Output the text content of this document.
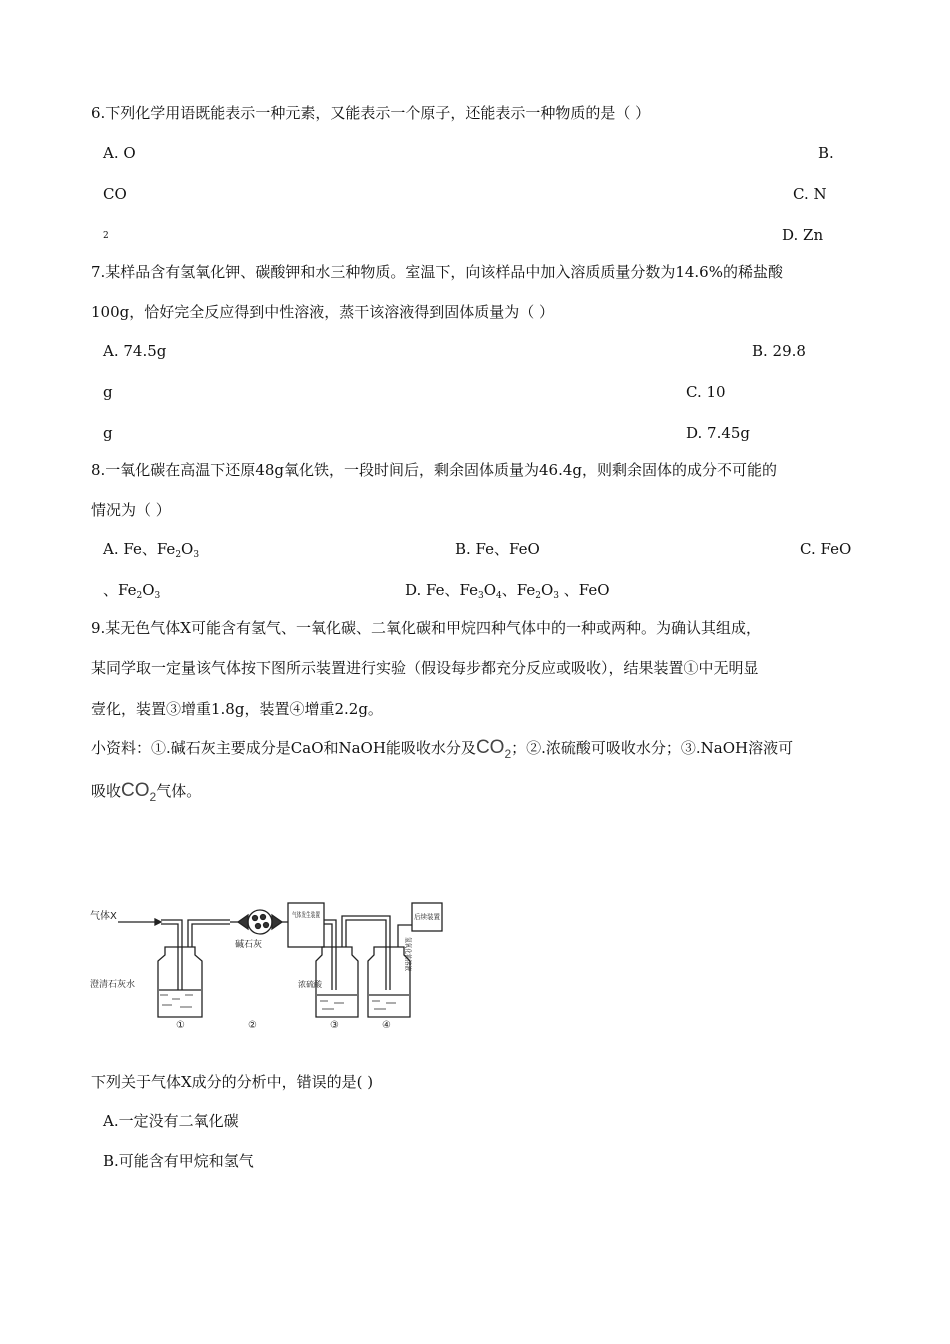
6.下列化学用语既能表示一种元素，又能表示一个原子，还能表示一种物质的是（ ）
A. O	B.
CO	C. N
2	D. Zn
7.某样品含有氢氧化钾、碳酸钾和水三种物质。室温下，向该样品中加入溶质质量分数为14.6%的稀盐酸
100g，恰好完全反应得到中性溶液，蒸干该溶液得到固体质量为（ ）
A. 74.5g	B. 29.8
g	C. 10
g	D. 7.45g
8.一氧化碳在高温下还原48g氧化铁，一段时间后，剩余固体质量为46.4g，则剩余固体的成分不可能的
情况为（ ）
A. Fe、$Fe_2O_3$	B. Fe、FeO	C. FeO
、$Fe_2O_3$	D. Fe、$Fe_3O_4$、$Fe_2O_3$ 、FeO
9.某无色气体X可能含有氢气、一氧化碳、二氧化碳和甲烷四种气体中的一种或两种。为确认其组成，
某同学取一定量该气体按下图所示装置进行实验（假设每步都充分反应或吸收），结果装置①中无明显
壹化，装置③增重1.8g，装置④增重2.2g。
小资料：①.碱石灰主要成分是CaO和NaOH能吸收水分及$CO_2$；②.浓硫酸可吸收水分；③.NaOH溶液可
吸收$CO_2$气体。
气体X
澄清石灰水
碱石灰
气体发生装置	后续装置
浓硫酸
氢氧化钠溶液
①	②	③	④
下列关于气体X成分的分析中，错误的是( )
A.一定没有二氧化碳
B.可能含有甲烷和氢气
